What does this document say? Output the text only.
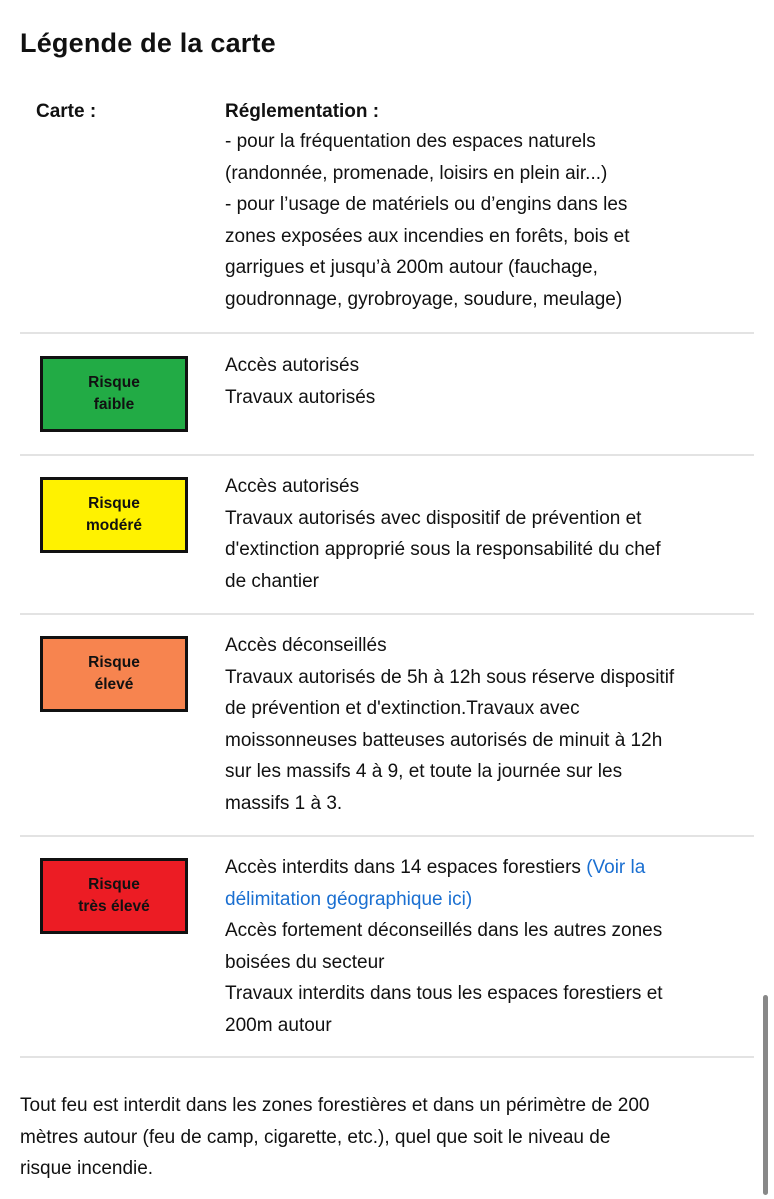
Légende de la carte
Carte :	Réglementation :
- pour la fréquentation des espaces naturels
(randonnée, promenade, loisirs en plein air...)
- pour l’usage de matériels ou d’engins dans les
zones exposées aux incendies en forêts, bois et
garrigues et jusqu’à 200m autour (fauchage,
goudronnage, gyrobroyage, soudure, meulage)
Risque
faible
Accès autorisés
Travaux autorisés
Risque
modéré
Accès autorisés
Travaux autorisés avec dispositif de prévention et
d'extinction approprié sous la responsabilité du chef
de chantier
Risque
élevé
Accès déconseillés
Travaux autorisés de 5h à 12h sous réserve dispositif
de prévention et d'extinction.Travaux avec
moissonneuses batteuses autorisés de minuit à 12h
sur les massifs 4 à 9, et toute la journée sur les
massifs 1 à 3.
Risque
très élevé
Accès interdits dans 14 espaces forestiers (Voir la
délimitation géographique ici)
Accès fortement déconseillés dans les autres zones
boisées du secteur
Travaux interdits dans tous les espaces forestiers et
200m autour
Tout feu est interdit dans les zones forestières et dans un périmètre de 200
mètres autour (feu de camp, cigarette, etc.), quel que soit le niveau de
risque incendie.
